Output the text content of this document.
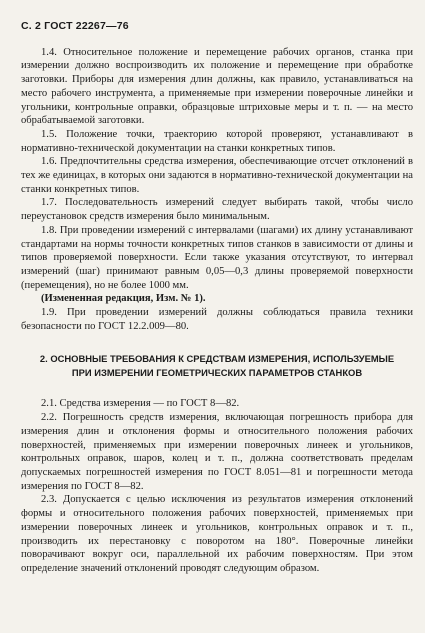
С. 2 ГОСТ 22267—76

1.4. Относительное положение и перемещение рабочих органов, станка при измерении должно воспроизводить их положение и перемещение при обработке заготовки. Приборы для измерения длин должны, как правило, устанавливаться на место рабочего инструмента, а применяемые при измерении поверочные линейки и угольники, контрольные оправки, образцовые штриховые меры и т. п. — на место обрабатываемой заготовки.

1.5. Положение точки, траекторию которой проверяют, устанавливают в нормативно-технической документации на станки конкретных типов.

1.6. Предпочтительны средства измерения, обеспечивающие отсчет отклонений в тех же единицах, в которых они задаются в нормативно-технической документации на станки конкретных типов.

1.7. Последовательность измерений следует выбирать такой, чтобы число переустановок средств измерения было минимальным.

1.8. При проведении измерений с интервалами (шагами) их длину устанавливают стандартами на нормы точности конкретных типов станков в зависимости от длины и типов проверяемой поверхности. Если также указания отсутствуют, то интервал измерений (шаг) принимают равным 0,05—0,3 длины проверяемой поверхности (перемещения), но не более 1000 мм.

(Измененная редакция, Изм. № 1).

1.9. При проведении измерений должны соблюдаться правила техники безопасности по ГОСТ 12.2.009—80.

2. ОСНОВНЫЕ ТРЕБОВАНИЯ К СРЕДСТВАМ ИЗМЕРЕНИЯ, ИСПОЛЬЗУЕМЫЕ ПРИ ИЗМЕРЕНИИ ГЕОМЕТРИЧЕСКИХ ПАРАМЕТРОВ СТАНКОВ

2.1. Средства измерения — по ГОСТ 8—82.

2.2. Погрешность средств измерения, включающая погрешность прибора для измерения длин и отклонения формы и относительного положения рабочих поверхностей, применяемых при измерении поверочных линеек и угольников, контрольных оправок, шаров, колец и т. п., должна соответствовать пределам допускаемых погрешностей измерения по ГОСТ 8.051—81 и погрешности метода измерения по ГОСТ 8—82.

2.3. Допускается с целью исключения из результатов измерения отклонений формы и относительного положения рабочих поверхностей, применяемых при измерении поверочных линеек и угольников, контрольных оправок и т. п., производить их перестановку с поворотом на 180°. Поверочные линейки поворачивают вокруг оси, параллельной их рабочим поверхностям. При этом определение значений отклонений проводят следующим образом.
